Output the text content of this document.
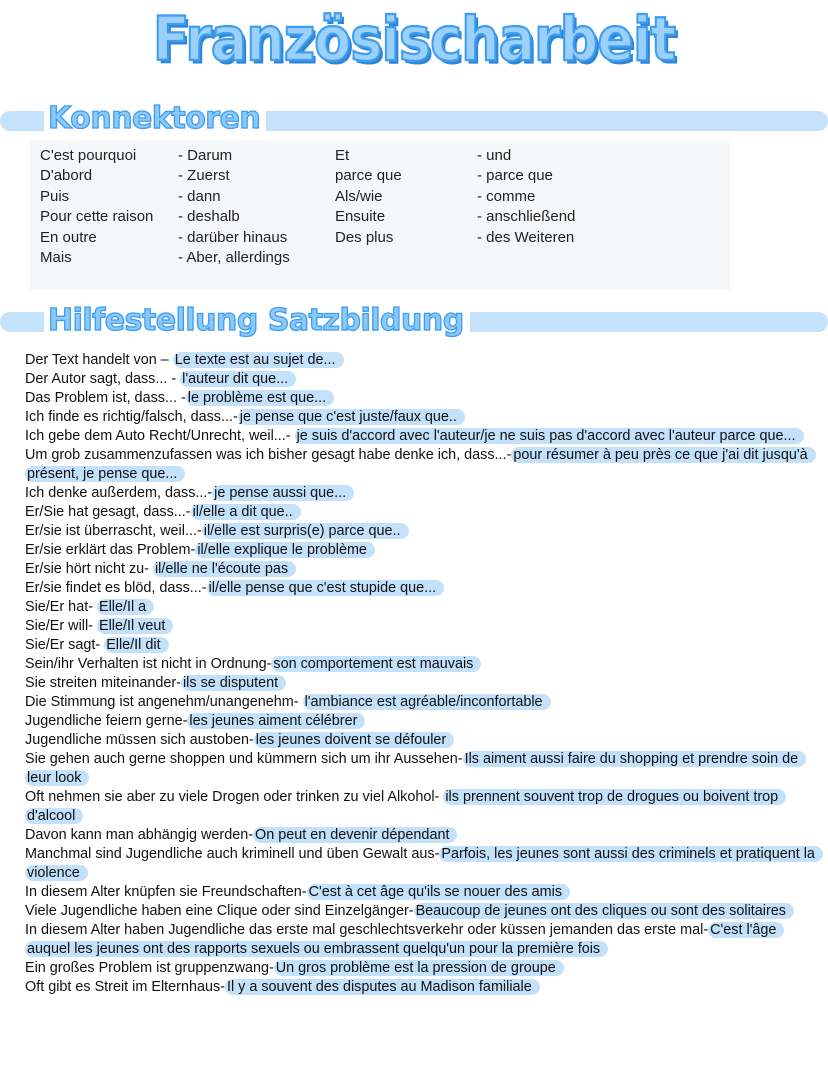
Französischarbeit
Konnektoren
C'est pourquoi
D'abord
Puis
Pour cette raison
En outre
Mais
- Darum
- Zuerst
- dann
- deshalb
- darüber hinaus
- Aber, allerdings
Et
parce que
Als/wie
Ensuite
Des plus
- und
- parce que
- comme
- anschließend
- des Weiteren
Hilfestellung Satzbildung
Der Text handelt von – Le texte est au sujet de...
Der Autor sagt, dass... - l'auteur dit que...
Das Problem ist, dass... - le problème est que...
Ich finde es richtig/falsch, dass...- je pense que c'est juste/faux que..
Ich gebe dem Auto Recht/Unrecht, weil...- je suis d'accord avec l'auteur/je ne suis pas d'accord avec l'auteur parce que...
Um grob zusammenzufassen was ich bisher gesagt habe denke ich, dass...- pour résumer à peu près ce que j'ai dit jusqu'à présent, je pense que...
Ich denke außerdem, dass...- je pense aussi que...
Er/Sie hat gesagt, dass...- il/elle a dit que..
Er/sie ist überrascht, weil...- il/elle est surpris(e) parce que..
Er/sie erklärt das Problem- il/elle explique le problème
Er/sie hört nicht zu- il/elle ne l'écoute pas
Er/sie findet es blöd, dass...- il/elle pense que c'est stupide que...
Sie/Er hat- Elle/Il a
Sie/Er will- Elle/Il veut
Sie/Er sagt- Elle/Il dit
Sein/ihr Verhalten ist nicht in Ordnung- son comportement est mauvais
Sie streiten miteinander- ils se disputent
Die Stimmung ist angenehm/unangenehm- l'ambiance est agréable/inconfortable
Jugendliche feiern gerne- les jeunes aiment célébrer
Jugendliche müssen sich austoben- les jeunes doivent se défouler
Sie gehen auch gerne shoppen und kümmern sich um ihr Aussehen- Ils aiment aussi faire du shopping et prendre soin de leur look
Oft nehmen sie aber zu viele Drogen oder trinken zu viel Alkohol- ils prennent souvent trop de drogues ou boivent trop d'alcool
Davon kann man abhängig werden- On peut en devenir dépendant
Manchmal sind Jugendliche auch kriminell und üben Gewalt aus- Parfois, les jeunes sont aussi des criminels et pratiquent la violence
In diesem Alter knüpfen sie Freundschaften- C'est à cet âge qu'ils se nouer des amis
Viele Jugendliche haben eine Clique oder sind Einzelgänger- Beaucoup de jeunes ont des cliques ou sont des solitaires
In diesem Alter haben Jugendliche das erste mal geschlechtsverkehr oder küssen jemanden das erste mal- C'est l'âge auquel les jeunes ont des rapports sexuels ou embrassent quelqu'un pour la première fois
Ein großes Problem ist gruppenzwang- Un gros problème est la pression de groupe
Oft gibt es Streit im Elternhaus- Il y a souvent des disputes au Madison familiale
